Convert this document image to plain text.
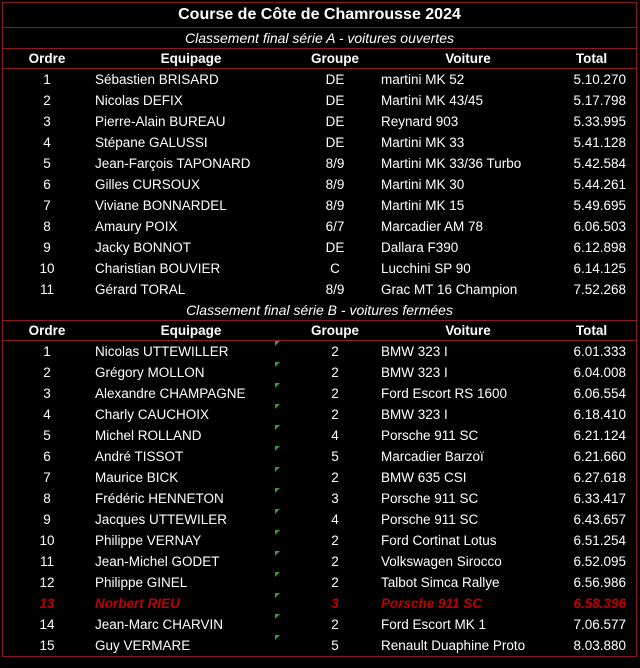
Course de Côte de Chamrousse 2024
Classement final série A - voitures ouvertes
Ordre	Equipage	Groupe	Voiture	Total
1	Sébastien BRISARD	DE	martini MK 52	5.10.270
2	Nicolas DEFIX	DE	Martini MK 43/45	5.17.798
3	Pierre-Alain BUREAU	DE	Reynard 903	5.33.995
4	Stépane GALUSSI	DE	Martini MK 33	5.41.128
5	Jean-Farçois TAPONARD	8/9	Martini MK 33/36 Turbo	5.42.584
6	Gilles CURSOUX	8/9	Martini MK 30	5.44.261
7	Viviane BONNARDEL	8/9	Martini MK 15	5.49.695
8	Amaury POIX	6/7	Marcadier AM 78	6.06.503
9	Jacky BONNOT	DE	Dallara F390	6.12.898
10	Charistian BOUVIER	C	Lucchini SP 90	6.14.125
11	Gérard TORAL	8/9	Grac MT 16 Champion	7.52.268
Classement final série B - voitures fermées
Ordre	Equipage	Groupe	Voiture	Total
1	Nicolas UTTEWILLER	2	BMW 323 I	6.01.333
2	Grégory MOLLON	2	BMW 323 I	6.04.008
3	Alexandre CHAMPAGNE	2	Ford Escort RS 1600	6.06.554
4	Charly CAUCHOIX	2	BMW 323 I	6.18.410
5	Michel ROLLAND	4	Porsche 911 SC	6.21.124
6	André TISSOT	5	Marcadier Barzoï	6.21.660
7	Maurice BICK	2	BMW 635 CSI	6.27.618
8	Frédéric HENNETON	3	Porsche 911 SC	6.33.417
9	Jacques UTTEWILER	4	Porsche 911 SC	6.43.657
10	Philippe VERNAY	2	Ford Cortinat Lotus	6.51.254
11	Jean-Michel GODET	2	Volkswagen Sirocco	6.52.095
12	Philippe GINEL	2	Talbot Simca Rallye	6.56.986
13	Norbert RIEU	3	Porsche 911 SC	6.58.396
14	Jean-Marc CHARVIN	2	Ford Escort MK 1	7.06.577
15	Guy VERMARE	5	Renault Duaphine Proto	8.03.880
